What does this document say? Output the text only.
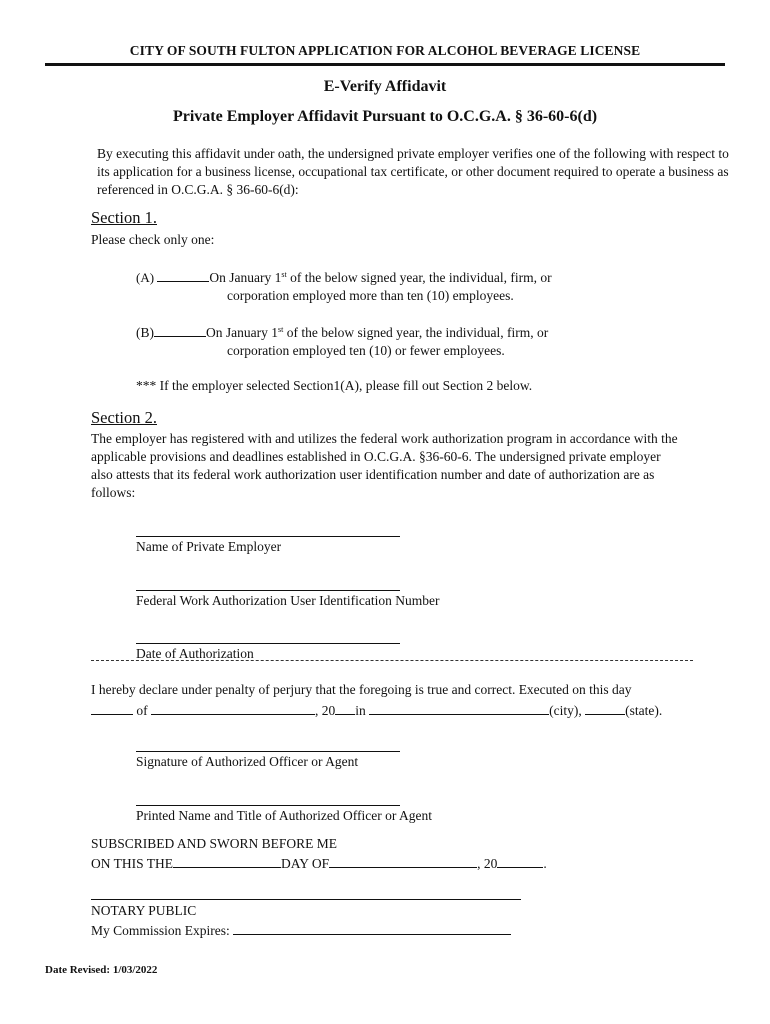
CITY OF SOUTH FULTON APPLICATION FOR ALCOHOL BEVERAGE LICENSE
E-Verify Affidavit
Private Employer Affidavit Pursuant to O.C.G.A. § 36-60-6(d)
By executing this affidavit under oath, the undersigned private employer verifies one of the following with respect to its application for a business license, occupational tax certificate, or other document required to operate a business as referenced in O.C.G.A. § 36-60-6(d):
Section 1.
Please check only one:
(A)	On January 1st of the below signed year, the individual, firm, or
corporation employed more than ten (10) employees.
(B)	On January 1st of the below signed year, the individual, firm, or
corporation employed ten (10) or fewer employees.
*** If the employer selected Section1(A), please fill out Section 2 below.
Section 2.
The employer has registered with and utilizes the federal work authorization program in accordance with the applicable provisions and deadlines established in O.C.G.A. §36-60-6. The undersigned private employer also attests that its federal work authorization user identification number and date of authorization are as follows:
Name of Private Employer
Federal Work Authorization User Identification Number
Date of Authorization
I hereby declare under penalty of perjury that the foregoing is true and correct. Executed on this day
of	, 20 in	(city),	(state).
Signature of Authorized Officer or Agent
Printed Name and Title of Authorized Officer or Agent
SUBSCRIBED AND SWORN BEFORE ME
ON THIS THE	DAY OF	, 20	.
NOTARY PUBLIC
My Commission Expires:
Date Revised: 1/03/2022
